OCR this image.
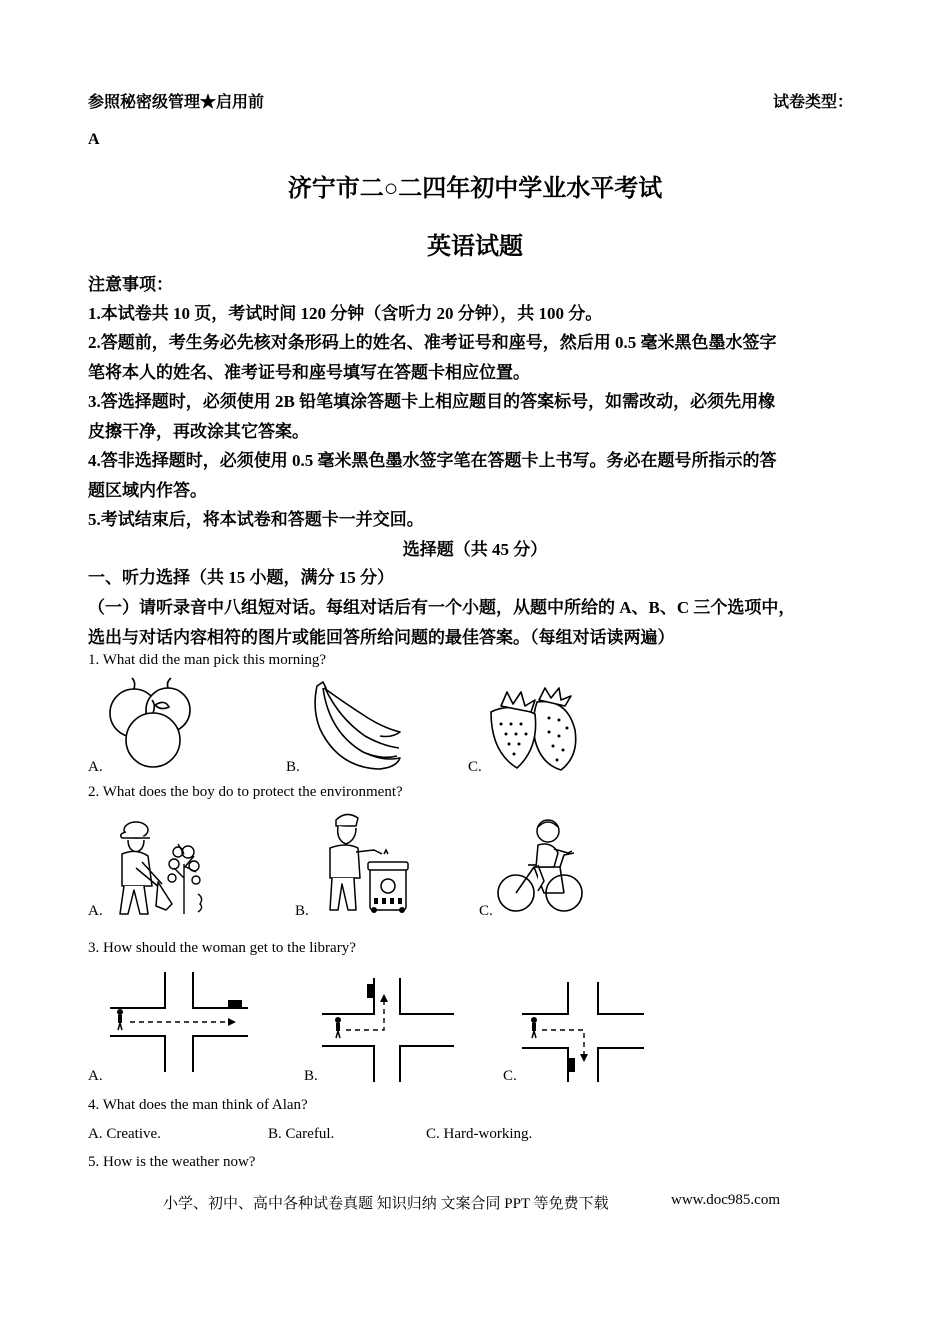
参照秘密级管理★启用前	试卷类型：
A
济宁市二○二四年初中学业水平考试
英语试题
注意事项：
1.本试卷共 10 页，考试时间 120 分钟（含听力 20 分钟），共 100 分。
2.答题前，考生务必先核对条形码上的姓名、准考证号和座号，然后用 0.5 毫米黑色墨水签字
笔将本人的姓名、准考证号和座号填写在答题卡相应位置。
3.答选择题时，必须使用 2B 铅笔填涂答题卡上相应题目的答案标号，如需改动，必须先用橡
皮擦干净，再改涂其它答案。
4.答非选择题时，必须使用 0.5 毫米黑色墨水签字笔在答题卡上书写。务必在题号所指示的答
题区域内作答。
5.考试结束后，将本试卷和答题卡一并交回。
选择题（共 45 分）
一、听力选择（共 15 小题，满分 15 分）
（一）请听录音中八组短对话。每组对话后有一个小题，从题中所给的 A、B、C 三个选项中，
选出与对话内容相符的图片或能回答所给问题的最佳答案。（每组对话读两遍）
1. What did the man pick this morning?
A.	B.	C.
2. What does the boy do to protect the environment?
A.	B.	C.
3. How should the woman get to the library?
A.	B.	C.
4. What does the man think of Alan?
A. Creative.	B. Careful.	C. Hard-working.
5. How is the weather now?
小学、初中、高中各种试卷真题 知识归纳 文案合同 PPT 等免费下载	www.doc985.com
